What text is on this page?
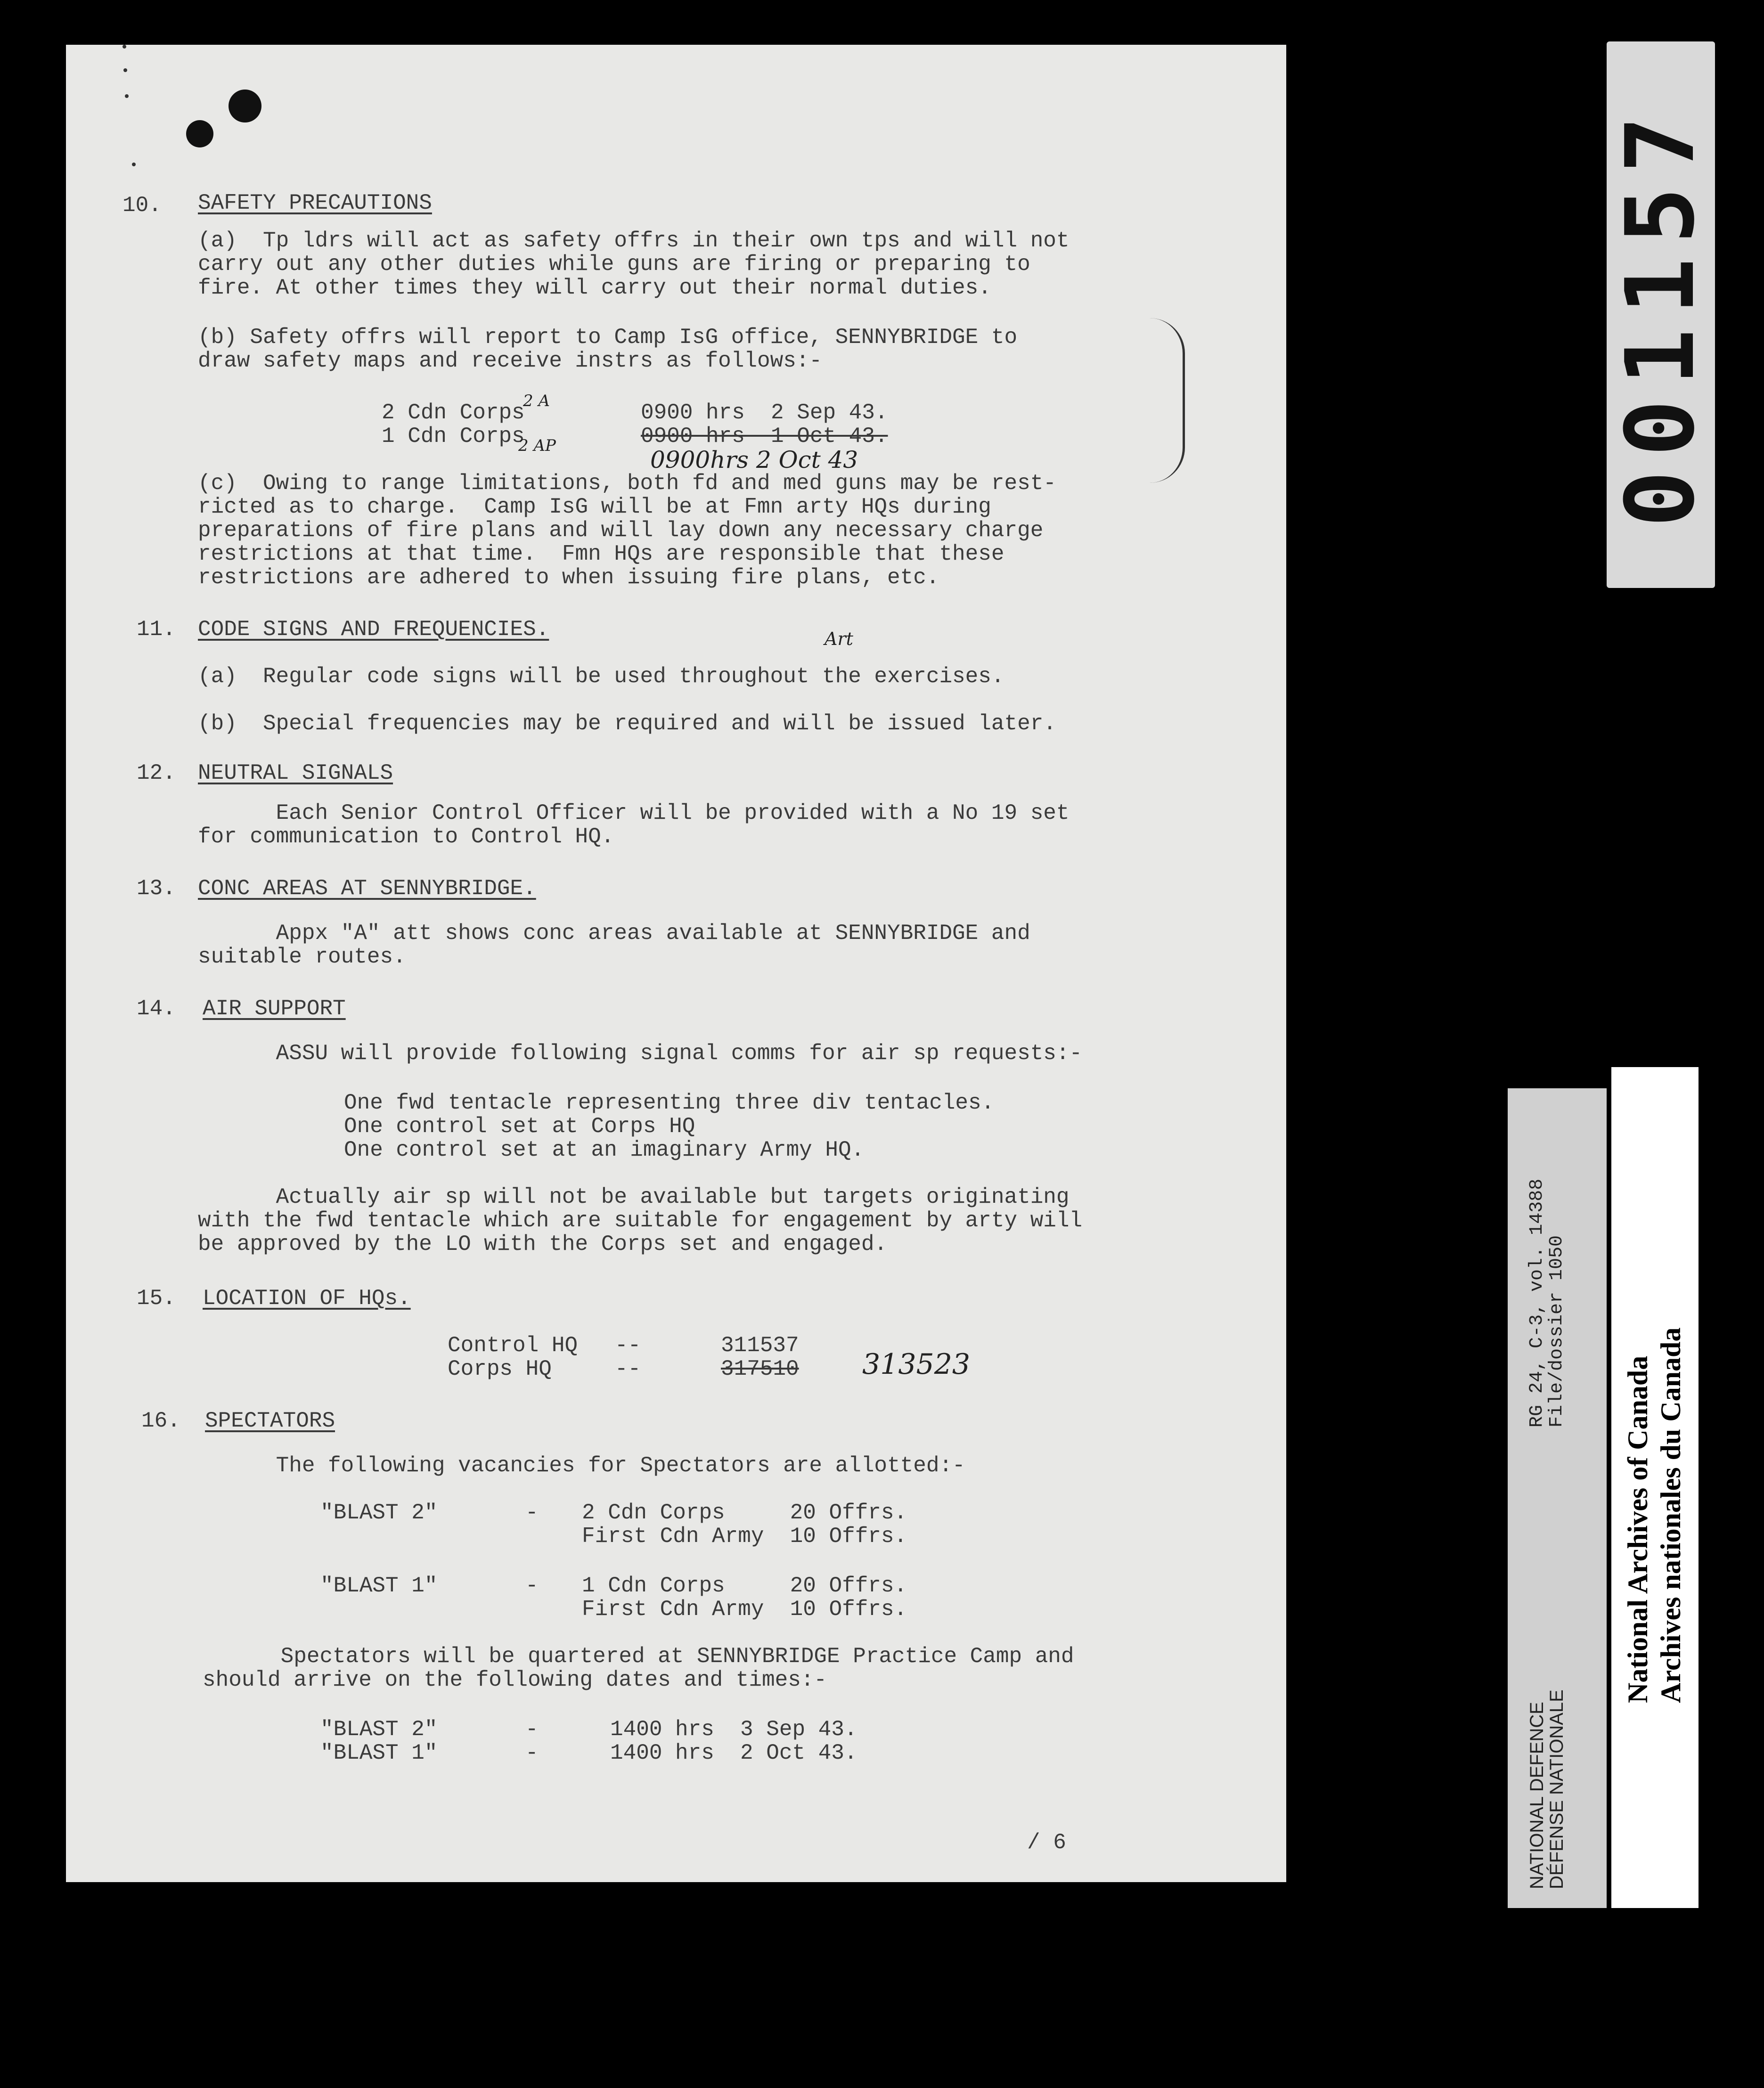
10. SAFETY PRECAUTIONS
(a)  Tp ldrs will act as safety offrs in their own tps and will not
carry out any other duties while guns are firing or preparing to
fire. At other times they will carry out their normal duties.
(b) Safety offrs will report to Camp IsG office, SENNYBRIDGE to
draw safety maps and receive instrs as follows:-
2 Cdn Corps	0900 hrs  2 Sep 43.
1 Cdn Corps	0900 hrs  1 Oct 43.
0900hrs 2 Oct 43
2 A
2 AP
(c)  Owing to range limitations, both fd and med guns may be rest-
ricted as to charge.  Camp IsG will be at Fmn arty HQs during
preparations of fire plans and will lay down any necessary charge
restrictions at that time.  Fmn HQs are responsible that these
restrictions are adhered to when issuing fire plans, etc.
11. CODE SIGNS AND FREQUENCIES.	Art
(a)  Regular code signs will be used throughout the exercises.
(b)  Special frequencies may be required and will be issued later.
12. NEUTRAL SIGNALS
Each Senior Control Officer will be provided with a No 19 set
for communication to Control HQ.
13. CONC AREAS AT SENNYBRIDGE.
Appx "A" att shows conc areas available at SENNYBRIDGE and
suitable routes.
14. AIR SUPPORT
ASSU will provide following signal comms for air sp requests:-
One fwd tentacle representing three div tentacles.
One control set at Corps HQ
One control set at an imaginary Army HQ.
Actually air sp will not be available but targets originating
with the fwd tentacle which are suitable for engagement by arty will
be approved by the LO with the Corps set and engaged.
15. LOCATION OF HQs.
Control HQ --	311537
Corps HQ	--	317510 313523
16. SPECTATORS
The following vacancies for Spectators are allotted:-
"BLAST 2"	- 2 Cdn Corps     20 Offrs.
First Cdn Army  10 Offrs.
"BLAST 1"	- 1 Cdn Corps     20 Offrs.
First Cdn Army  10 Offrs.
Spectators will be quartered at SENNYBRIDGE Practice Camp and
should arrive on the following dates and times:-
"BLAST 2"	-	1400 hrs  3 Sep 43.
"BLAST 1"	-	1400 hrs  2 Oct 43.
/ 6
001157
NATIONAL DEFENCE
DÉFENSE NATIONALE
RG 24, C-3, vol. 14388
File/dossier 1050
National Archives of Canada Archives nationales du Canada
